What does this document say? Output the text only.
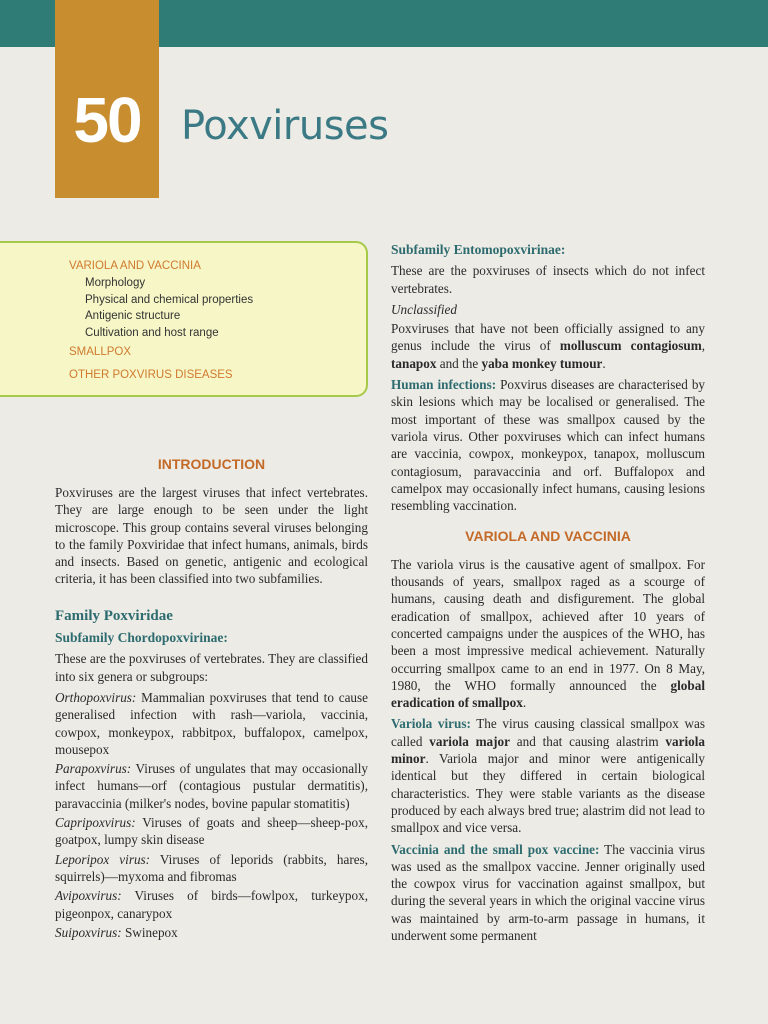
50	Poxviruses
VARIOLA AND VACCINIA
Morphology
Physical and chemical properties
Antigenic structure
Cultivation and host range
SMALLPOX
OTHER POXVIRUS DISEASES
INTRODUCTION

Poxviruses are the largest viruses that infect vertebrates. They are large enough to be seen under the light microscope. This group contains several viruses belonging to the family Poxviridae that infect humans, animals, birds and insects. Based on genetic, antigenic and ecological criteria, it has been classified into two subfamilies.

Family Poxviridae
Subfamily Chordopoxvirinae:

These are the poxviruses of vertebrates. They are classified into six genera or subgroups:

Orthopoxvirus: Mammalian poxviruses that tend to cause generalised infection with rash—variola, vaccinia, cowpox, monkeypox, rabbitpox, buffalopox, camelpox, mousepox

Parapoxvirus: Viruses of ungulates that may occasionally infect humans—orf (contagious pustular dermatitis), paravaccinia (milker's nodes, bovine papular stomatitis)

Capripoxvirus: Viruses of goats and sheep—sheep-pox, goatpox, lumpy skin disease

Leporipox virus: Viruses of leporids (rabbits, hares, squirrels)—myxoma and fibromas

Avipoxvirus: Viruses of birds—fowlpox, turkeypox, pigeonpox, canarypox

Suipoxvirus: Swinepox

Subfamily Entomopoxvirinae:

These are the poxviruses of insects which do not infect vertebrates.

Unclassified

Poxviruses that have not been officially assigned to any genus include the virus of molluscum contagiosum, tanapox and the yaba monkey tumour.

Human infections: Poxvirus diseases are characterised by skin lesions which may be localised or generalised. The most important of these was smallpox caused by the variola virus. Other poxviruses which can infect humans are vaccinia, cowpox, monkeypox, tanapox, molluscum contagiosum, paravaccinia and orf. Buffalopox and camelpox may occasionally infect humans, causing lesions resembling vaccination.

VARIOLA AND VACCINIA

The variola virus is the causative agent of smallpox. For thousands of years, smallpox raged as a scourge of humans, causing death and disfigurement. The global eradication of smallpox, achieved after 10 years of concerted campaigns under the auspices of the WHO, has been a most impressive medical achievement. Naturally occurring smallpox came to an end in 1977. On 8 May, 1980, the WHO formally announced the global eradication of smallpox.

Variola virus: The virus causing classical smallpox was called variola major and that causing alastrim variola minor. Variola major and minor were antigenically identical but they differed in certain biological characteristics. They were stable variants as the disease produced by each always bred true; alastrim did not lead to smallpox and vice versa.

Vaccinia and the small pox vaccine: The vaccinia virus was used as the smallpox vaccine. Jenner originally used the cowpox virus for vaccination against smallpox, but during the several years in which the original vaccine virus was maintained by arm-to-arm passage in humans, it underwent some permanent
